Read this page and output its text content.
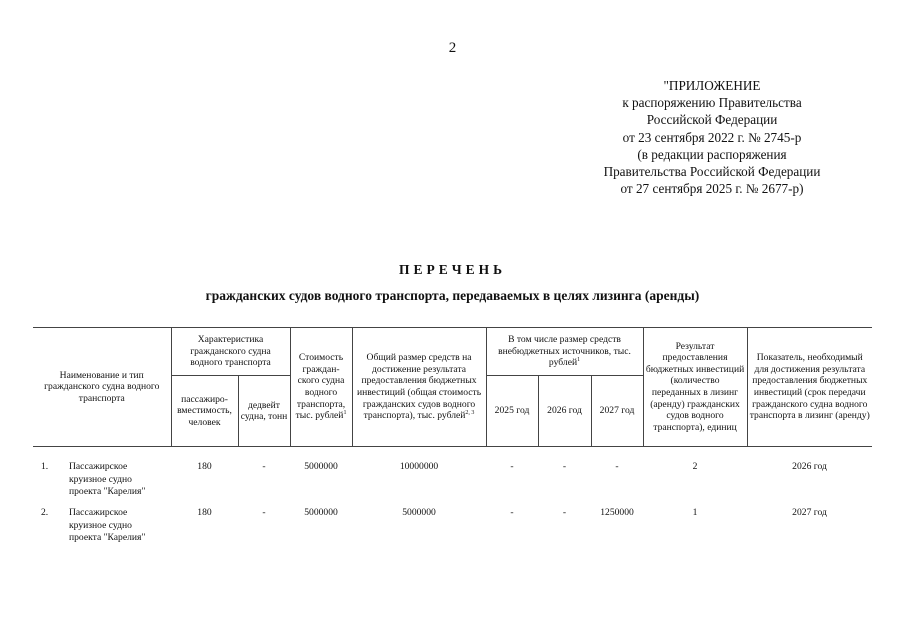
2
"ПРИЛОЖЕНИЕ
к распоряжению Правительства
Российской Федерации
от 23 сентября 2022 г. № 2745-р
(в редакции распоряжения
Правительства Российской Федерации
от 27 сентября 2025 г. № 2677-р)
ПЕРЕЧЕНЬ
гражданских судов водного транспорта, передаваемых в целях лизинга (аренды)
Наименование и тип гражданского судна водного транспорта	Характеристика гражданского судна водного транспорта		Стоимость граждан-ского судна водного транспорта, тыс. рублей$^1$	Общий размер средств на достижение результата предоставления бюджетных инвестиций (общая стоимость гражданских судов водного транспорта), тыс. рублей$^{2, 3}$	В том числе размер средств внебюджетных источников, тыс. рублей$^1$			Результат предоставления бюджетных инвестиций (количество переданных в лизинг (аренду) гражданских судов водного транспорта), единиц	Показатель, необходимый для достижения результата предоставления бюджетных инвестиций (срок передачи гражданского судна водного транспорта в лизинг (аренду)
	пассажиро-вместимость, человек	дедвейт судна, тонн			2025 год	2026 год	2027 год		

1. Пассажирское круизное судно проекта "Карелия"	180	-	5000000	10000000	-	-	-	2	2026 год

2. Пассажирское круизное судно проекта "Карелия"	180	-	5000000	5000000	-	-	1250000	1	2027 год
